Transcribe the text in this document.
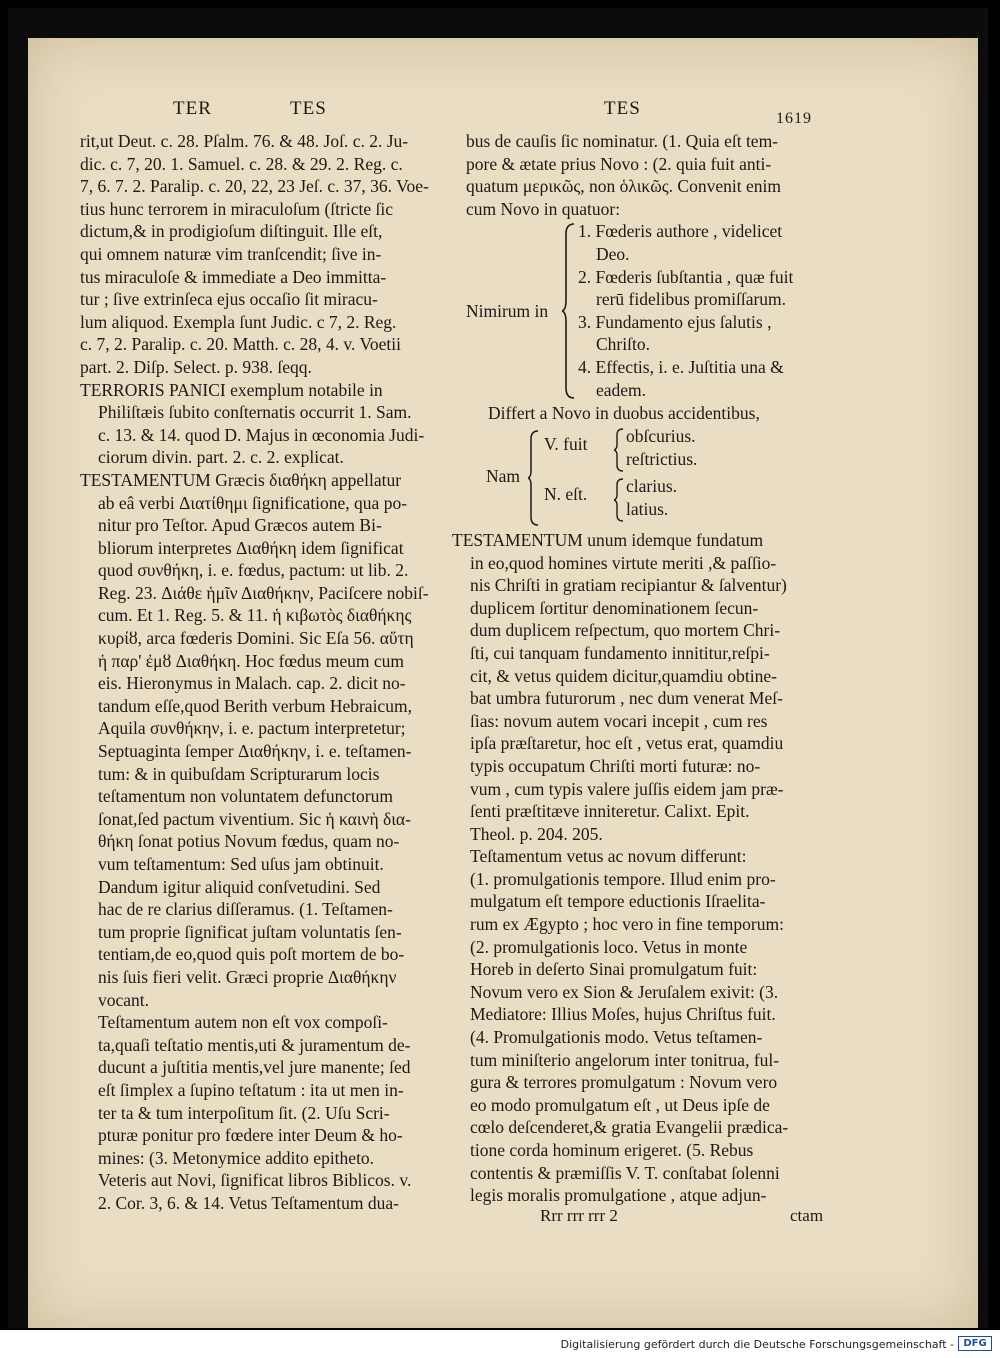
TER	TES	TES	1619
rit,ut Deut. c. 28. Pſalm. 76. & 48. Joſ. c. 2. Ju-
dic. c. 7, 20. 1. Samuel. c. 28. & 29. 2. Reg. c.
7, 6. 7. 2. Paralip. c. 20, 22, 23 Jeſ. c. 37, 36. Voe-
tius hunc terrorem in miraculoſum (ſtricte ſic
dictum,& in prodigioſum diſtinguit. Ille eſt,
qui omnem naturæ vim tranſcendit; ſive in-
tus miraculoſe & immediate a Deo immitta-
tur ; ſive extrinſeca ejus occaſio ſit miracu-
lum aliquod. Exempla ſunt Judic. c 7, 2. Reg.
c. 7, 2. Paralip. c. 20. Matth. c. 28, 4. v. Voetii
part. 2. Diſp. Select. p. 938. ſeqq.
TERRORIS PANICI exemplum notabile in
Philiſtæis ſubito conſternatis occurrit 1. Sam.
c. 13. & 14. quod D. Majus in œconomia Judi-
ciorum divin. part. 2. c. 2. explicat.
TESTAMENTUM Græcis διαθήκη appellatur
ab eâ verbi Διατίθημι ſignificatione, qua po-
nitur pro Teſtor. Apud Græcos autem Bi-
bliorum interpretes Διαθήκη idem ſignificat
quod συνθήκη, i. e. fœdus, pactum: ut lib. 2.
Reg. 23. Διάθε ἡμῖν Διαθήκην, Paciſcere nobiſ-
cum. Et 1. Reg. 5. & 11. ἡ κιβωτὸς διαθήκης
κυρίȣ, arca fœderis Domini. Sic Eſa 56. αὕτη
ἡ παρ' ἐμȣ Διαθήκη. Hoc fœdus meum cum
eis. Hieronymus in Malach. cap. 2. dicit no-
tandum eſſe,quod Berith verbum Hebraicum,
Aquila συνθήκην, i. e. pactum interpretetur;
Septuaginta ſemper Διαθήκην, i. e. teſtamen-
tum: & in quibuſdam Scripturarum locis
teſtamentum non voluntatem defunctorum
ſonat,ſed pactum viventium. Sic ἡ καινὴ δια-
θήκη ſonat potius Novum fœdus, quam no-
vum teſtamentum: Sed uſus jam obtinuit.
Dandum igitur aliquid conſvetudini. Sed
hac de re clarius diſſeramus. (1. Teſtamen-
tum proprie ſignificat juſtam voluntatis ſen-
tentiam,de eo,quod quis poſt mortem de bo-
nis ſuis fieri velit. Græci proprie Διαθήκην
vocant.
Teſtamentum autem non eſt vox compoſi-
ta,quaſi teſtatio mentis,uti & juramentum de-
ducunt a juſtitia mentis,vel jure manente; ſed
eſt ſimplex a ſupino teſtatum : ita ut men in-
ter ta & tum interpoſitum ſit. (2. Uſu Scri-
pturæ ponitur pro fœdere inter Deum & ho-
mines: (3. Metonymice addito epitheto.
Veteris aut Novi, ſignificat libros Biblicos. v.
2. Cor. 3, 6. & 14. Vetus Teſtamentum dua-
bus de cauſis ſic nominatur. (1. Quia eſt tem-
pore & ætate prius Novo : (2. quia fuit anti-
quatum μερικῶς, non ὁλικῶς. Convenit enim
cum Novo in quatuor:
Nimirum in
1. Fœderis authore , videlicet
Deo.
2. Fœderis ſubſtantia , quæ fuit
rerū fidelibus promiſſarum.
3. Fundamento ejus ſalutis ,
Chriſto.
4. Effectis, i. e. Juſtitia una &
eadem.
Differt a Novo in duobus accidentibus,
Nam
V. fuit obſcurius.
reſtrictius.
N. eſt. clarius.
latius.
TESTAMENTUM unum idemque fundatum
in eo,quod homines virtute meriti ,& paſſio-
nis Chriſti in gratiam recipiantur & ſalventur)
duplicem ſortitur denominationem ſecun-
dum duplicem reſpectum, quo mortem Chri-
ſti, cui tanquam fundamento innititur,reſpi-
cit, & vetus quidem dicitur,quamdiu obtine-
bat umbra futurorum , nec dum venerat Meſ-
ſias: novum autem vocari incepit , cum res
ipſa præſtaretur, hoc eſt , vetus erat, quamdiu
typis occupatum Chriſti morti futuræ: no-
vum , cum typis valere juſſis eidem jam præ-
ſenti præſtitæve inniteretur. Calixt. Epit.
Theol. p. 204. 205.
Teſtamentum vetus ac novum differunt:
(1. promulgationis tempore. Illud enim pro-
mulgatum eſt tempore eductionis Iſraelita-
rum ex Ægypto ; hoc vero in fine temporum:
(2. promulgationis loco. Vetus in monte
Horeb in deſerto Sinai promulgatum fuit:
Novum vero ex Sion & Jeruſalem exivit: (3.
Mediatore: Illius Moſes, hujus Chriſtus fuit.
(4. Promulgationis modo. Vetus teſtamen-
tum miniſterio angelorum inter tonitrua, ful-
gura & terrores promulgatum : Novum vero
eo modo promulgatum eſt , ut Deus ipſe de
cœlo deſcenderet,& gratia Evangelii prædica-
tione corda hominum erigeret. (5. Rebus
contentis & præmiſſis V. T. conſtabat ſolenni
legis moralis promulgatione , atque adjun-
Rrr rrr rrr 2	ctam
Digitalisierung gefördert durch die Deutsche Forschungsgemeinschaft - DFG
